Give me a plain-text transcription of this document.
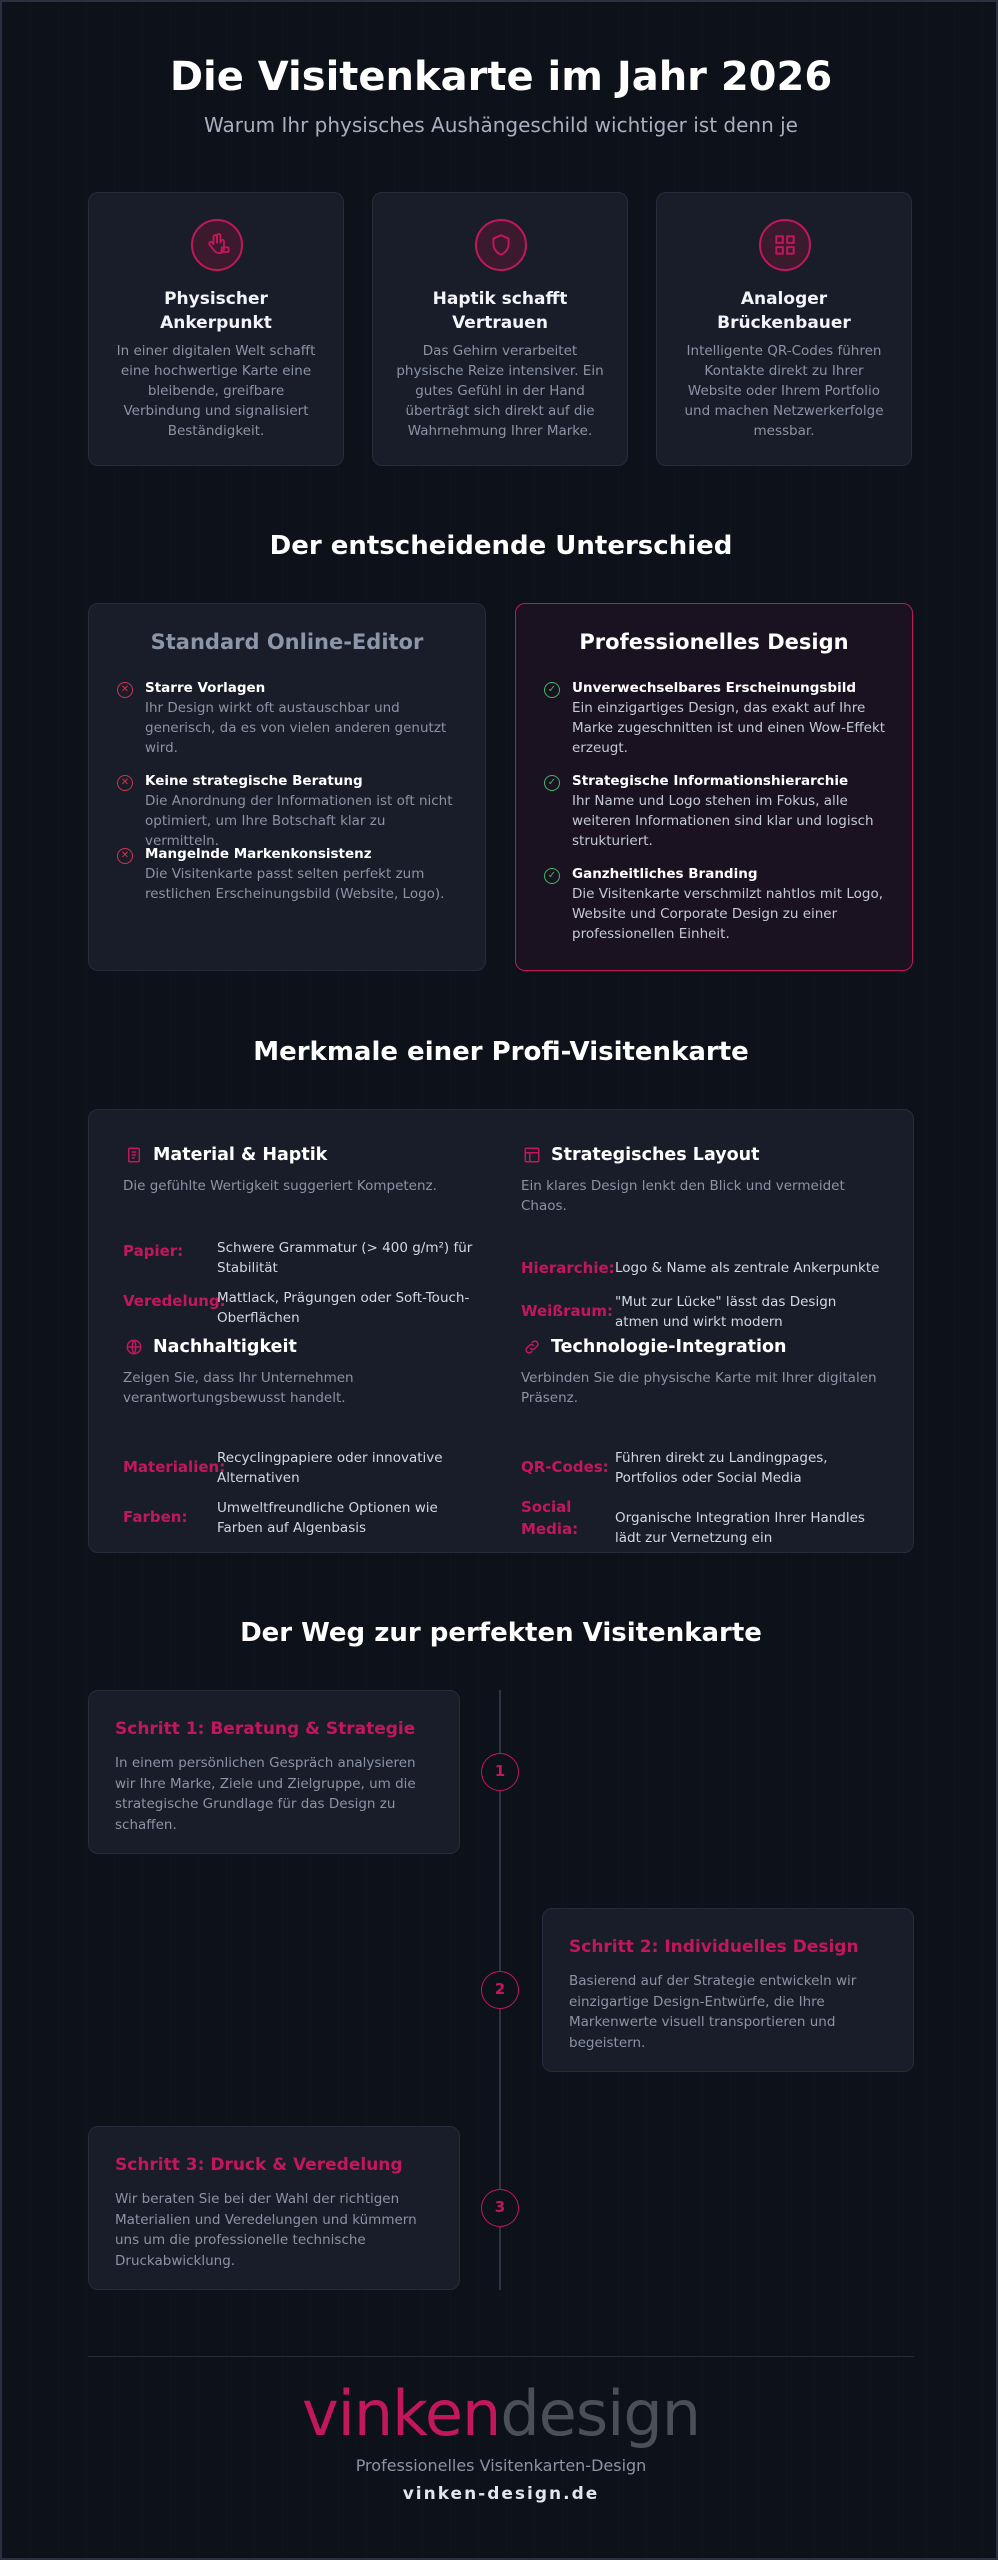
Die Visitenkarte im Jahr 2026
Warum Ihr physisches Aushängeschild wichtiger ist denn je
Physischer Ankerpunkt
In einer digitalen Welt schafft eine hochwertige Karte eine bleibende, greifbare Verbindung und signalisiert Beständigkeit.
Haptik schafft Vertrauen
Das Gehirn verarbeitet physische Reize intensiver. Ein gutes Gefühl in der Hand überträgt sich direkt auf die Wahrnehmung Ihrer Marke.
Analoger Brückenbauer
Intelligente QR-Codes führen Kontakte direkt zu Ihrer Website oder Ihrem Portfolio und machen Netzwerkerfolge messbar.
Der entscheidende Unterschied
Standard Online-Editor
✕ Starre Vorlagen
Ihr Design wirkt oft austauschbar und generisch, da es von vielen anderen genutzt wird.
✕ Keine strategische Beratung
Die Anordnung der Informationen ist oft nicht optimiert, um Ihre Botschaft klar zu vermitteln.
✕ Mangelnde Markenkonsistenz
Die Visitenkarte passt selten perfekt zum restlichen Erscheinungsbild (Website, Logo).
Professionelles Design
✓ Unverwechselbares Erscheinungsbild
Ein einzigartiges Design, das exakt auf Ihre Marke zugeschnitten ist und einen Wow-Effekt erzeugt.
✓ Strategische Informationshierarchie
Ihr Name und Logo stehen im Fokus, alle weiteren Informationen sind klar und logisch strukturiert.
✓ Ganzheitliches Branding
Die Visitenkarte verschmilzt nahtlos mit Logo, Website und Corporate Design zu einer professionellen Einheit.
Merkmale einer Profi-Visitenkarte
Material & Haptik
Die gefühlte Wertigkeit suggeriert Kompetenz.
Papier:	Schwere Grammatur (> 400 g/m²) für Stabilität
Veredelung:
Mattlack, Prägungen oder Soft-Touch-Oberflächen
Strategisches Layout
Ein klares Design lenkt den Blick und vermeidet Chaos.
Hierarchie: Logo & Name als zentrale Ankerpunkte
Weißraum: "Mut zur Lücke" lässt das Design atmen und wirkt modern
Nachhaltigkeit
Zeigen Sie, dass Ihr Unternehmen verantwortungsbewusst handelt.
Materialien:
Recyclingpapiere oder innovative Alternativen
Farben:	Umweltfreundliche Optionen wie Farben auf Algenbasis
Technologie-Integration
Verbinden Sie die physische Karte mit Ihrer digitalen Präsenz.
QR-Codes: Führen direkt zu Landingpages, Portfolios oder Social Media
Social Media:
Organische Integration Ihrer Handles lädt zur Vernetzung ein
Der Weg zur perfekten Visitenkarte
Schritt 1: Beratung & Strategie
In einem persönlichen Gespräch analysieren wir Ihre Marke, Ziele und Zielgruppe, um die strategische Grundlage für das Design zu schaffen.
1
Schritt 2: Individuelles Design
Basierend auf der Strategie entwickeln wir einzigartige Design-Entwürfe, die Ihre Markenwerte visuell transportieren und begeistern.
2
Schritt 3: Druck & Veredelung
Wir beraten Sie bei der Wahl der richtigen Materialien und Veredelungen und kümmern uns um die professionelle technische Druckabwicklung.
3
vinkendesign
Professionelles Visitenkarten-Design
vinken-design.de
